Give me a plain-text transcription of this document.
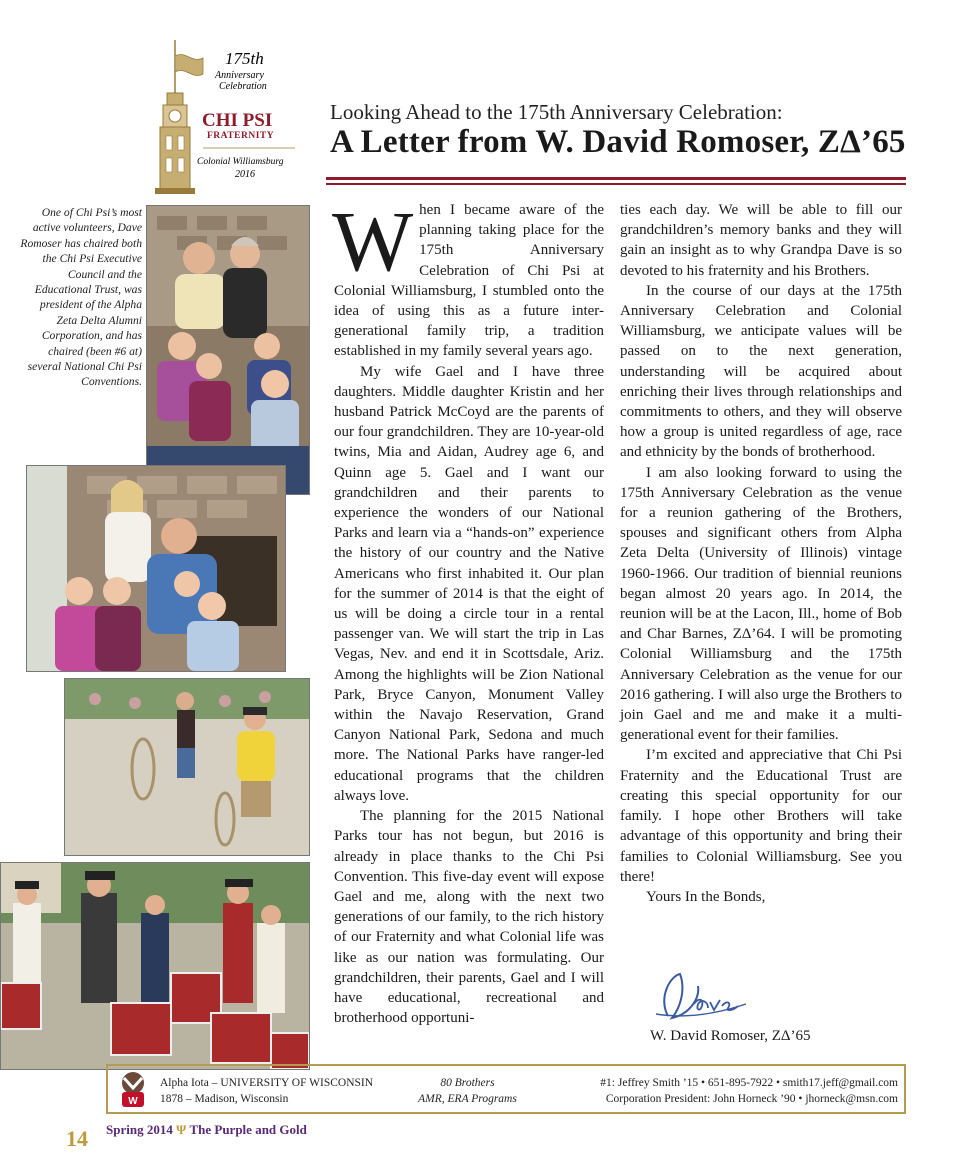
175th
Anniversary
Celebration
CHI PSI
FRATERNITY
Colonial Williamsburg
2016
Looking Ahead to the 175th Anniversary Celebration:
A Letter from W. David Romoser, ZΔ’65
One of Chi Psi’s most active volunteers, Dave Romoser has chaired both the Chi Psi Executive Council and the Educational Trust, was president of the Alpha Zeta Delta Alumni Corporation, and has chaired (been #6 at) several National Chi Psi Conventions.

When I became aware of the planning taking place for the 175th Anniversary Celebration of Chi Psi at Colonial Williamsburg, I stumbled onto the idea of using this as a future inter-generational family trip, a tradition established in my family several years ago.

My wife Gael and I have three daughters. Middle daughter Kristin and her husband Patrick McCoyd are the parents of our four grandchildren. They are 10-year-old twins, Mia and Aidan, Audrey age 6, and Quinn age 5. Gael and I want our grandchildren and their parents to experience the wonders of our National Parks and learn via a “hands-on” experience the history of our country and the Native Americans who first inhabited it. Our plan for the summer of 2014 is that the eight of us will be doing a circle tour in a rental passenger van. We will start the trip in Las Vegas, Nev. and end it in Scottsdale, Ariz. Among the highlights will be Zion National Park, Bryce Canyon, Monument Valley within the Navajo Reservation, Grand Canyon National Park, Sedona and much more. The National Parks have ranger-led educational programs that the children always love.

The planning for the 2015 National Parks tour has not begun, but 2016 is already in place thanks to the Chi Psi Convention. This five-day event will expose Gael and me, along with the next two generations of our family, to the rich history of our Fraternity and what Colonial life was like as our nation was formulating. Our grandchildren, their parents, Gael and I will have educational, recreational and brotherhood opportuni-

ties each day. We will be able to fill our grandchildren’s memory banks and they will gain an insight as to why Grandpa Dave is so devoted to his fraternity and his Brothers.

In the course of our days at the 175th Anniversary Celebration and Colonial Williamsburg, we anticipate values will be passed on to the next generation, understanding will be acquired about enriching their lives through relationships and commitments to others, and they will observe how a group is united regardless of age, race and ethnicity by the bonds of brotherhood.

I am also looking forward to using the 175th Anniversary Celebration as the venue for a reunion gathering of the Brothers, spouses and significant others from Alpha Zeta Delta (University of Illinois) vintage 1960-1966. Our tradition of biennial reunions began almost 20 years ago. In 2014, the reunion will be at the Lacon, Ill., home of Bob and Char Barnes, ZΔ’64. I will be promoting Colonial Williamsburg and the 175th Anniversary Celebration as the venue for our 2016 gathering. I will also urge the Brothers to join Gael and me and make it a multi-generational event for their families.

I’m excited and appreciative that Chi Psi Fraternity and the Educational Trust are creating this special opportunity for our family. I hope other Brothers will take advantage of this opportunity and bring their families to Colonial Williamsburg. See you there!

Yours In the Bonds,

W. David Romoser, ZΔ’65
W
Alpha Iota – UNIVERSITY OF WISCONSIN
1878 – Madison, Wisconsin
80 Brothers
AMR, ERA Programs
#1: Jeffrey Smith ’15 • 651-895-7922 • smith17.jeff@gmail.com
Corporation President: John Horneck ’90 • jhorneck@msn.com
14 Spring 2014 Ψ The Purple and Gold
